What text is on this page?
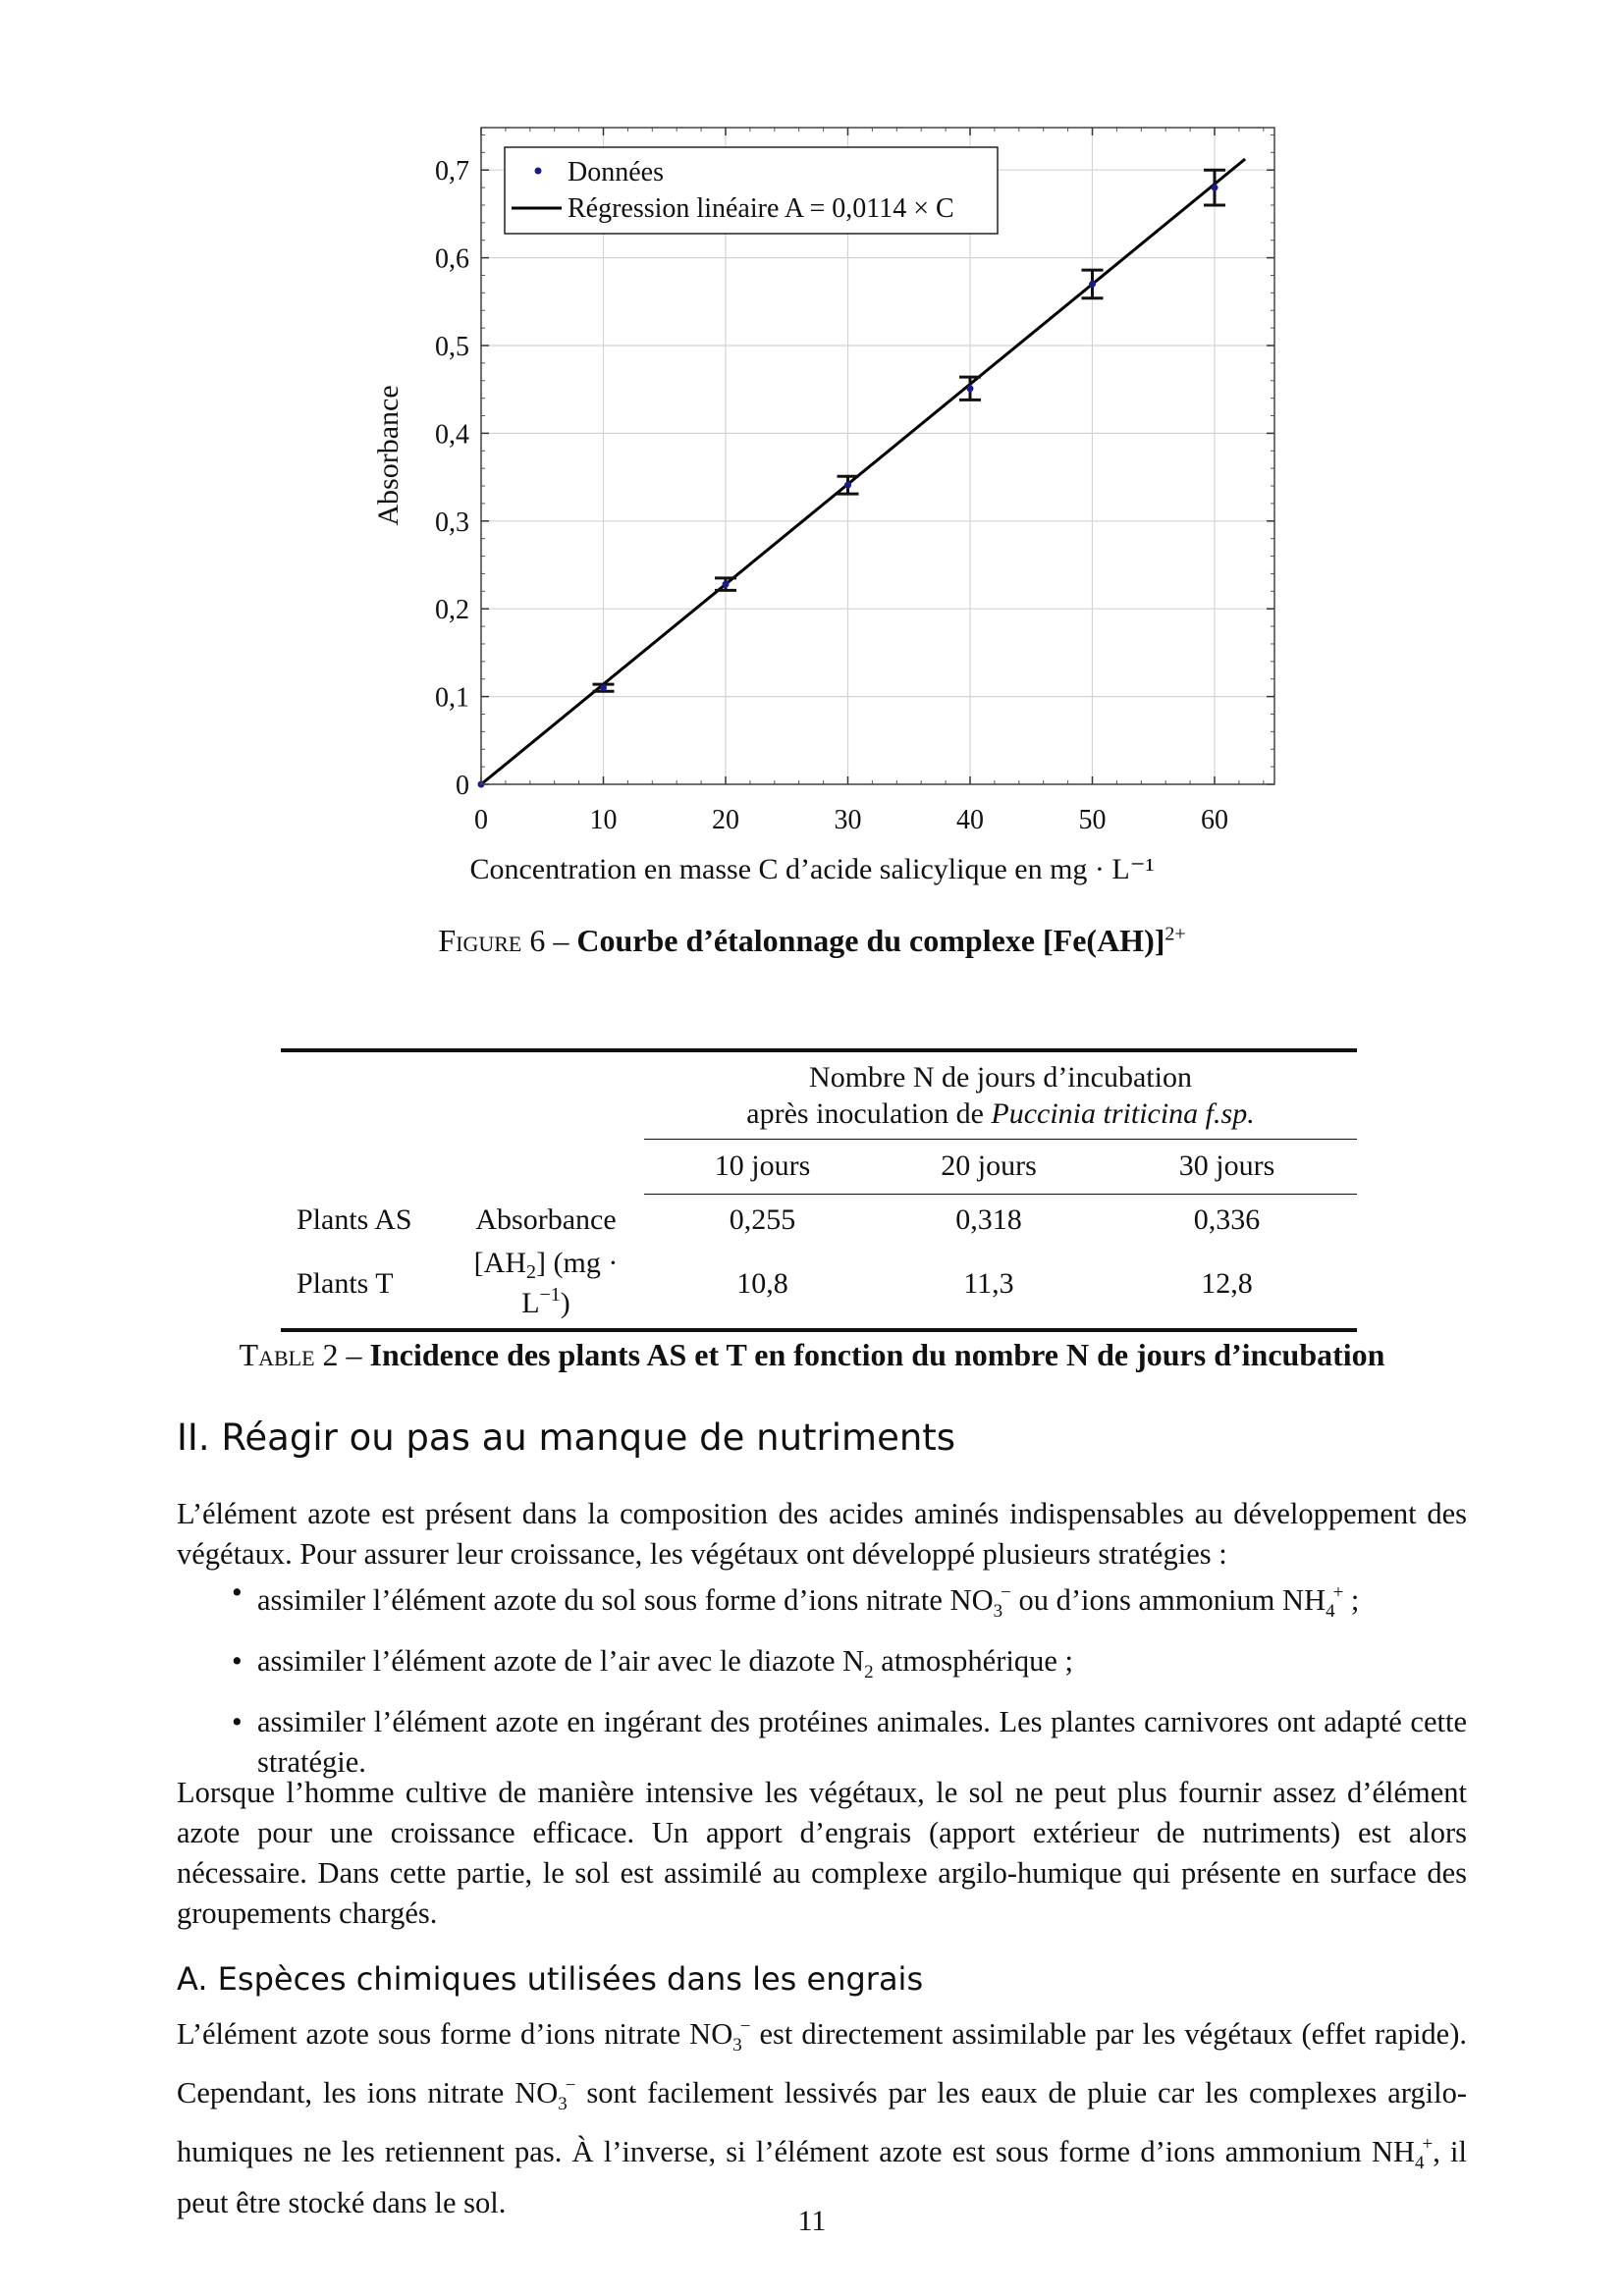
0	10	20	30	40	50	60
0
0,1
0,2
0,3
0,4
0,5
0,6
0,7	Données
Régression linéaire A = 0,0114 × C
Absorbance
Concentration en masse C d’acide salicylique en mg · L⁻¹
Figure 6 – Courbe d’étalonnage du complexe $[Fe(AH)]^{2+}$

		Nombre N de jours d’incubation		
		après inoculation de Puccinia triticina f.sp.		
		10 jours	20 jours	30 jours
Plants AS	Absorbance	0,255	0,318	0,336
Plants T	$[AH_2] (mg \cdot L^{-1})$	10,8	11,3	12,8

Table 2 – Incidence des plants AS et T en fonction du nombre N de jours d’incubation
II. Réagir ou pas au manque de nutriments

L’élément azote est présent dans la composition des acides aminés indispensables au développement des végétaux. Pour assurer leur croissance, les végétaux ont développé plusieurs stratégies :

• assimiler l’élément azote du sol sous forme d’ions nitrate $NO_3^-$ ou d’ions ammonium $NH_4^+$ ;
• assimiler l’élément azote de l’air avec le diazote $N_2$ atmosphérique ;
• assimiler l’élément azote en ingérant des protéines animales. Les plantes carnivores ont adapté cette stratégie.

Lorsque l’homme cultive de manière intensive les végétaux, le sol ne peut plus fournir assez d’élément azote pour une croissance efficace. Un apport d’engrais (apport extérieur de nutriments) est alors nécessaire. Dans cette partie, le sol est assimilé au complexe argilo-humique qui présente en surface des groupements chargés.

A. Espèces chimiques utilisées dans les engrais

L’élément azote sous forme d’ions nitrate $NO_3^-$ est directement assimilable par les végétaux (effet rapide). Cependant, les ions nitrate $NO_3^-$ sont facilement lessivés par les eaux de pluie car les complexes argilo-humiques ne les retiennent pas. À l’inverse, si l’élément azote est sous forme d’ions ammonium $NH_4^+$, il peut être stocké dans le sol.

11
